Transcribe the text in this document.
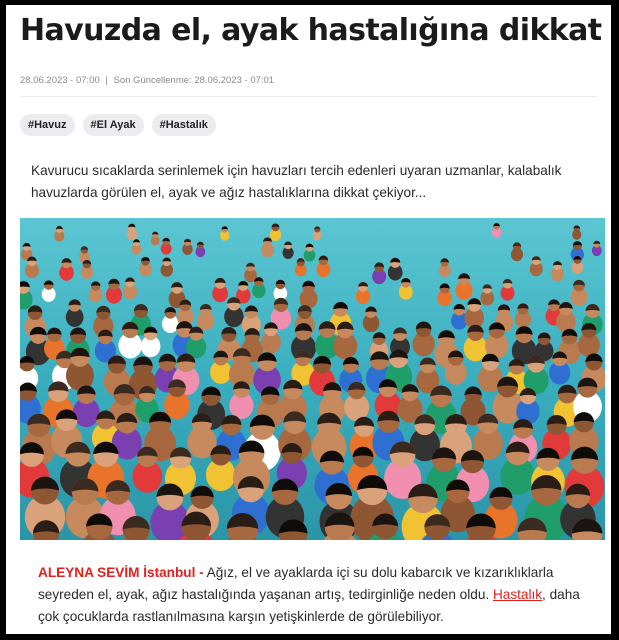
Havuzda el, ayak hastalığına dikkat
28.06.2023 - 07:00 | Son Güncellenme: 28.06.2023 - 07:01
#Havuz	#El Ayak	#Hastalık

Kavurucu sıcaklarda serinlemek için havuzları tercih edenleri uyaran uzmanlar, kalabalık havuzlarda görülen el, ayak ve ağız hastalıklarına dikkat çekiyor...

ALEYNA SEVİM İstanbul - Ağız, el ve ayaklarda içi su dolu kabarcık ve kızarıklıklarla seyreden el, ayak, ağız hastalığında yaşanan artış, tedirginliğe neden oldu. Hastalık, daha çok çocuklarda rastlanılmasına karşın yetişkinlerde de görülebiliyor.
